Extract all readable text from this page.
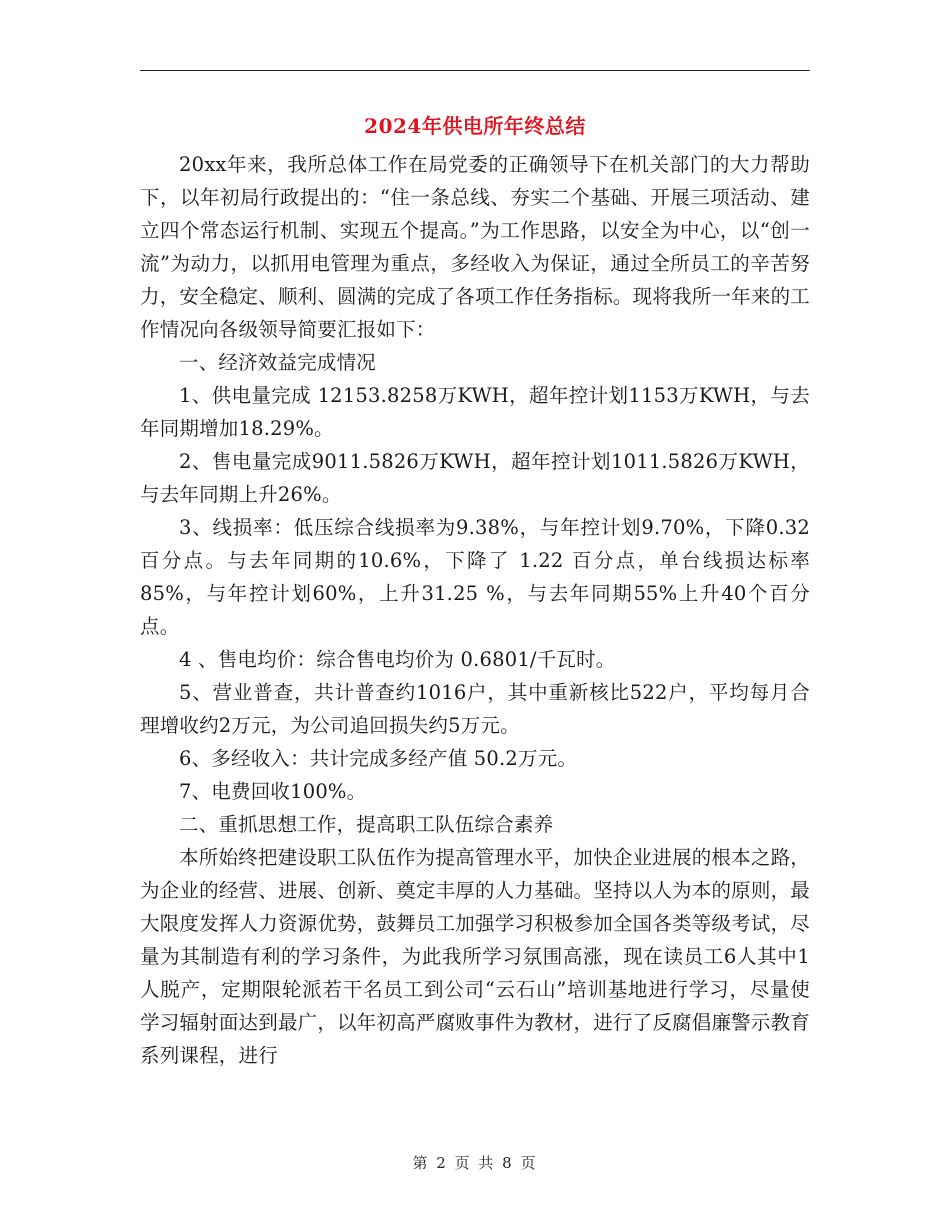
2024年供电所年终总结

20xx年来，我所总体工作在局党委的正确领导下在机关部门的大力帮助下，以年初局行政提出的：“住一条总线、夯实二个基础、开展三项活动、建立四个常态运行机制、实现五个提高。”为工作思路，以安全为中心，以“创一流”为动力，以抓用电管理为重点，多经收入为保证，通过全所员工的辛苦努力，安全稳定、顺利、圆满的完成了各项工作任务指标。现将我所一年来的工作情况向各级领导简要汇报如下：

一、经济效益完成情况

1、供电量完成 12153.8258万KWH，超年控计划1153万KWH，与去年同期增加18.29%。

2、售电量完成9011.5826万KWH，超年控计划1011.5826万KWH，与去年同期上升26%。

3、线损率：低压综合线损率为9.38%，与年控计划9.70%，下降0.32百分点。与去年同期的10.6%，下降了 1.22 百分点，单台线损达标率85%，与年控计划60%，上升31.25 %，与去年同期55%上升40个百分点。

4 、售电均价：综合售电均价为 0.6801/千瓦时。

5、营业普查，共计普查约1016户，其中重新核比522户，平均每月合理增收约2万元，为公司追回损失约5万元。

6、多经收入：共计完成多经产值 50.2万元。

7、电费回收100%。

二、重抓思想工作，提高职工队伍综合素养

本所始终把建设职工队伍作为提高管理水平，加快企业进展的根本之路，为企业的经营、进展、创新、奠定丰厚的人力基础。坚持以人为本的原则，最大限度发挥人力资源优势，鼓舞员工加强学习积极参加全国各类等级考试，尽量为其制造有利的学习条件，为此我所学习氛围高涨，现在读员工6人其中1人脱产，定期限轮派若干名员工到公司“云石山”培训基地进行学习，尽量使学习辐射面达到最广，以年初高严腐败事件为教材，进行了反腐倡廉警示教育系列课程，进行

第 2 页 共 8 页
